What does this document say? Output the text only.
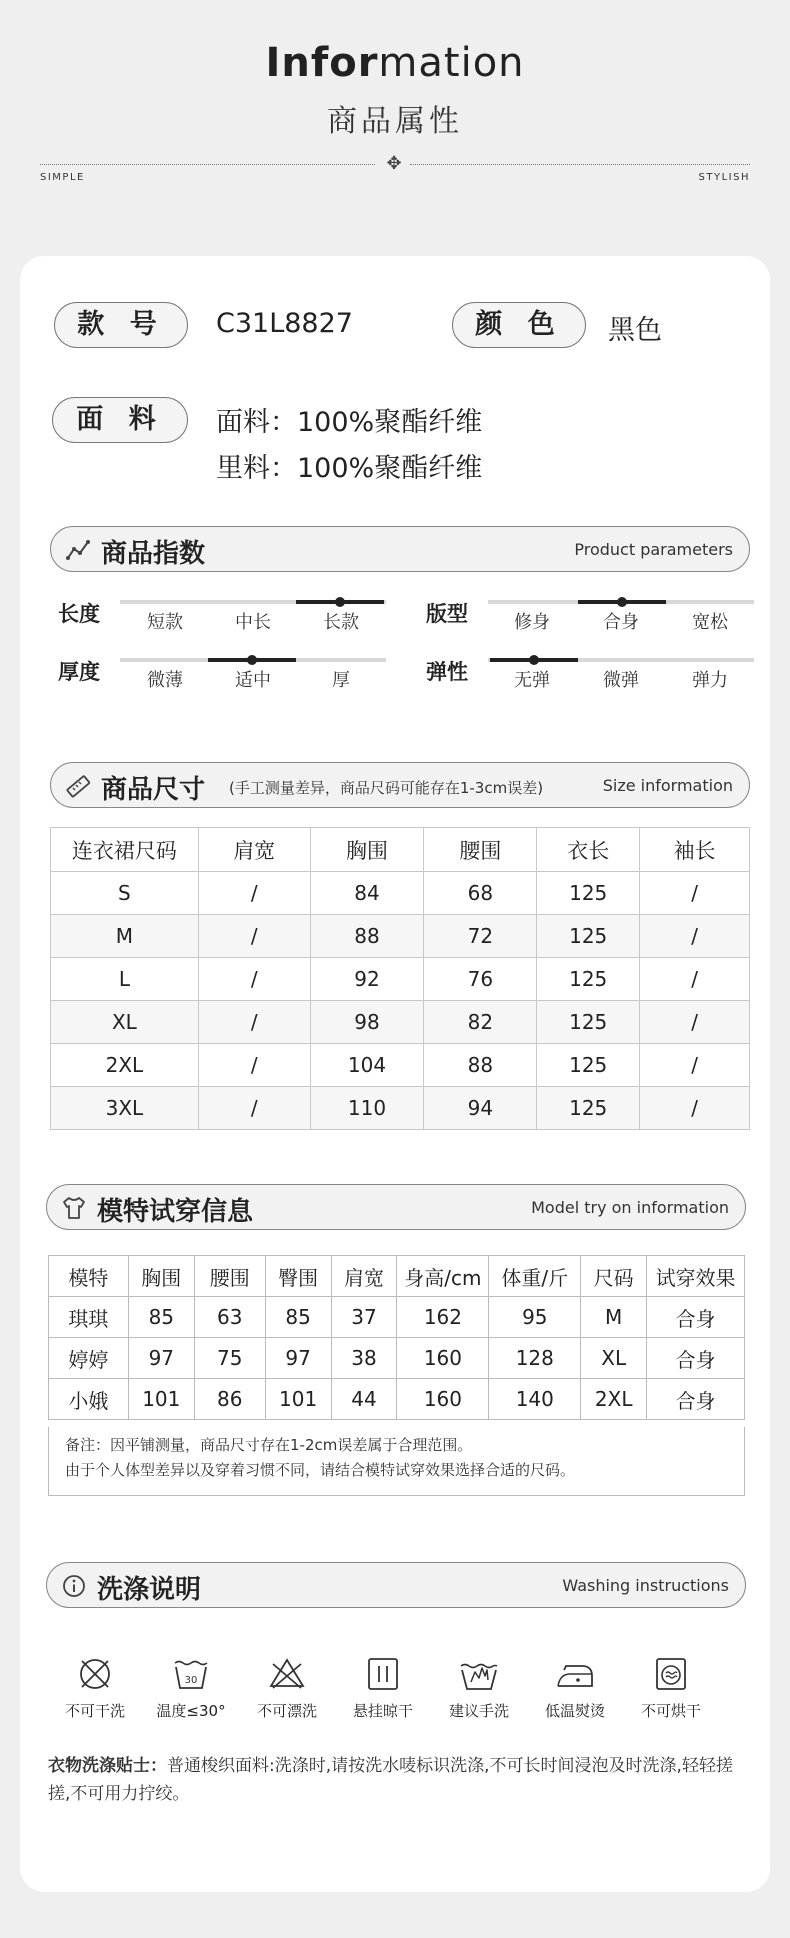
Information
商品属性
✥
SIMPLE	STYLISH
款 号	C31L8827	颜 色	黑色
面 料	面料：100%聚酯纤维
里料：100%聚酯纤维
商品指数	Product parameters
长度	短款	中长	长款	版型	修身	合身	宽松
厚度	微薄	适中	厚	弹性	无弹	微弹	弹力
商品尺寸 (手工测量差异，商品尺码可能存在1-3cm误差)	Size information
连衣裙尺码	肩宽	胸围	腰围	衣长	袖长
S	/	84	68	125	/
M	/	88	72	125	/
L	/	92	76	125	/
XL	/	98	82	125	/
2XL	/	104	88	125	/
3XL	/	110	94	125	/
模特试穿信息	Model try on information
模特	胸围	腰围	臀围	肩宽	身高/cm	体重/斤	尺码	试穿效果
琪琪	85	63	85	37	162	95	M	合身
婷婷	97	75	97	38	160	128	XL	合身
小娥	101	86	101	44	160	140	2XL	合身
备注：因平铺测量，商品尺寸存在1-2cm误差属于合理范围。
由于个人体型差异以及穿着习惯不同，请结合模特试穿效果选择合适的尺码。
洗涤说明	Washing instructions
不可干洗
30
温度≤30°	不可漂洗	悬挂晾干	建议手洗	低温熨烫	不可烘干
衣物洗涤贴士：普通梭织面料:洗涤时,请按洗水唛标识洗涤,不可长时间浸泡及时洗涤,轻轻搓搓,不可用力拧绞。
